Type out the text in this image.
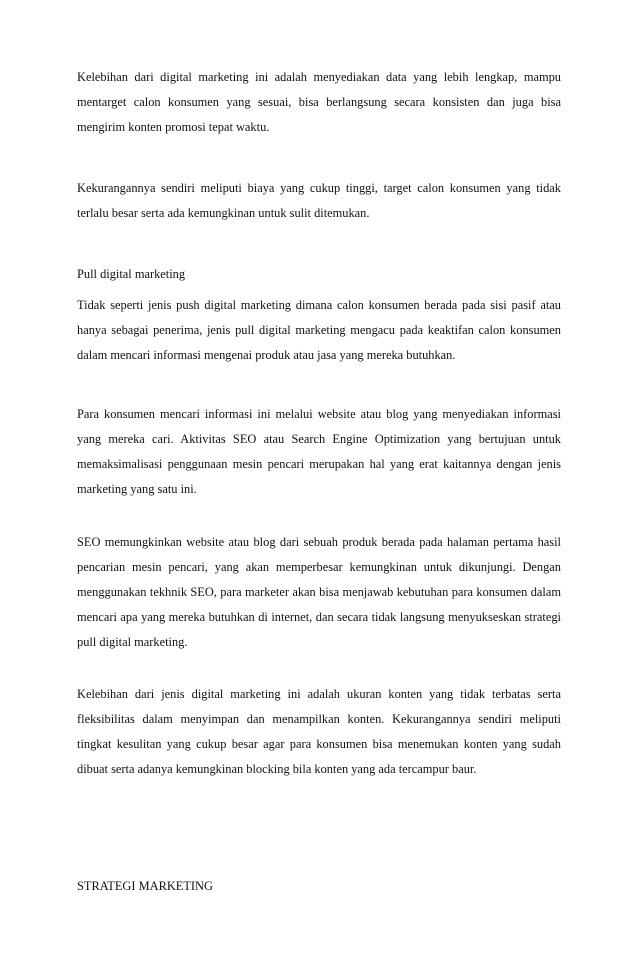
Kelebihan dari digital marketing ini adalah menyediakan data yang lebih lengkap, mampu mentarget calon konsumen yang sesuai, bisa berlangsung secara konsisten dan juga bisa mengirim konten promosi tepat waktu.

Kekurangannya sendiri meliputi biaya yang cukup tinggi, target calon konsumen yang tidak terlalu besar serta ada kemungkinan untuk sulit ditemukan.

Pull digital marketing

Tidak seperti jenis push digital marketing dimana calon konsumen berada pada sisi pasif atau hanya sebagai penerima, jenis pull digital marketing mengacu pada keaktifan calon konsumen dalam mencari informasi mengenai produk atau jasa yang mereka butuhkan.

Para konsumen mencari informasi ini melalui website atau blog yang menyediakan informasi yang mereka cari. Aktivitas SEO atau Search Engine Optimization yang bertujuan untuk memaksimalisasi penggunaan mesin pencari merupakan hal yang erat kaitannya dengan jenis marketing yang satu ini.

SEO memungkinkan website atau blog dari sebuah produk berada pada halaman pertama hasil pencarian mesin pencari, yang akan memperbesar kemungkinan untuk dikunjungi. Dengan menggunakan tekhnik SEO, para marketer akan bisa menjawab kebutuhan para konsumen dalam mencari apa yang mereka butuhkan di internet, dan secara tidak langsung menyukseskan strategi pull digital marketing.

Kelebihan dari jenis digital marketing ini adalah ukuran konten yang tidak terbatas serta fleksibilitas dalam menyimpan dan menampilkan konten. Kekurangannya sendiri meliputi tingkat kesulitan yang cukup besar agar para konsumen bisa menemukan konten yang sudah dibuat serta adanya kemungkinan blocking bila konten yang ada tercampur baur.

STRATEGI MARKETING
